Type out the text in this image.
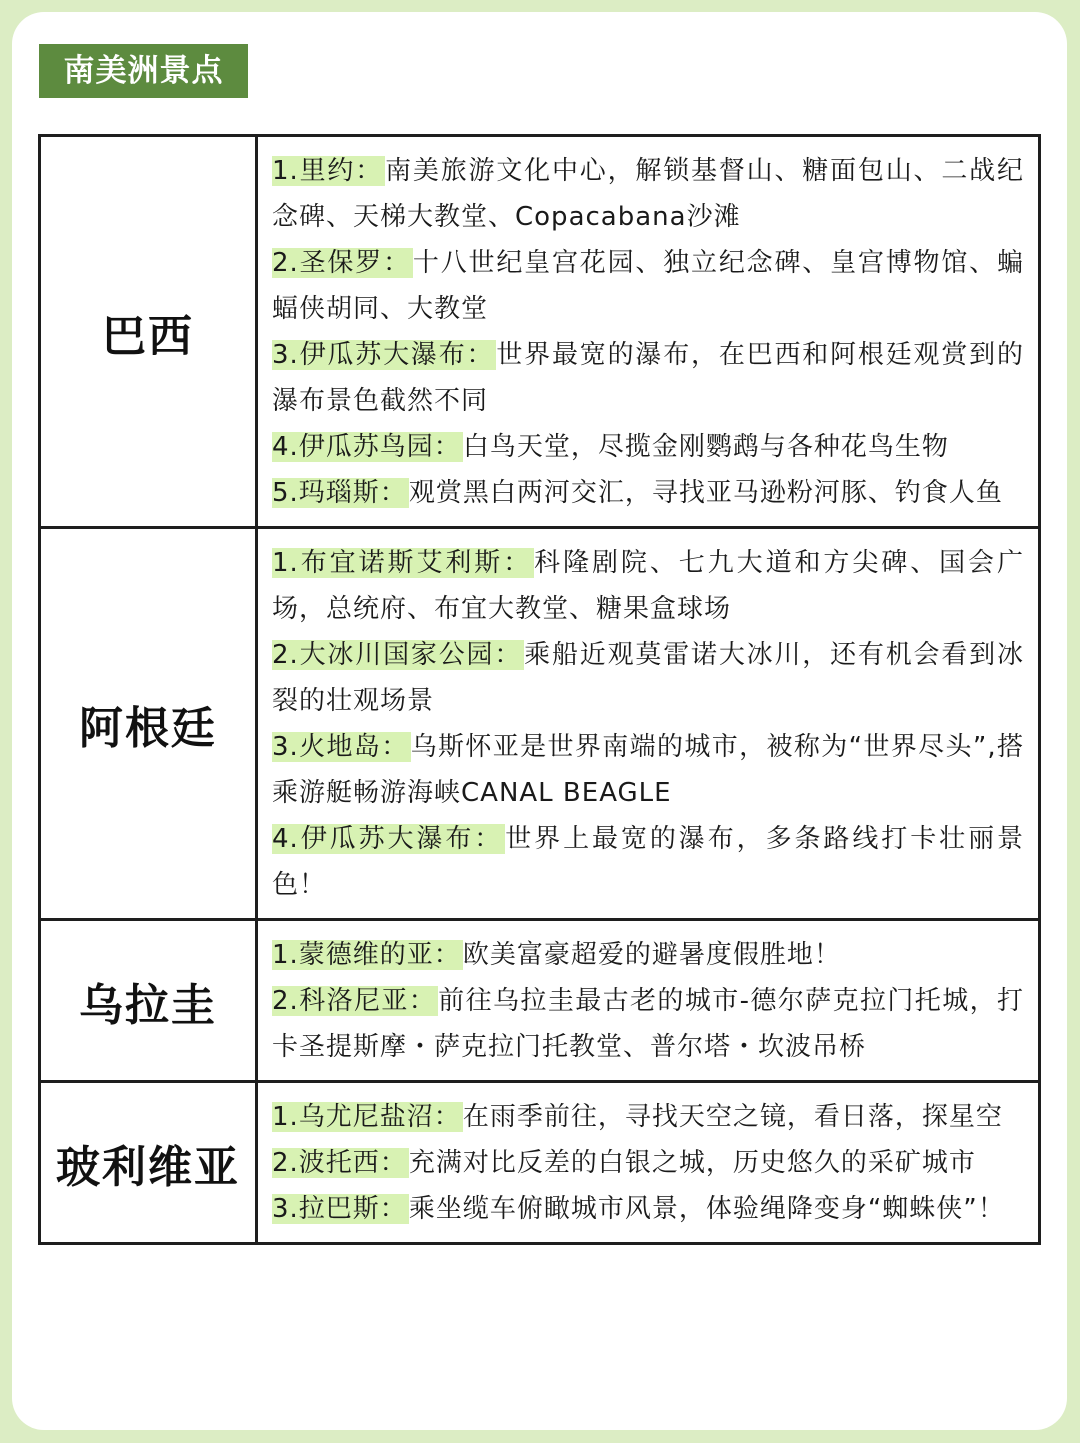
南美洲景点
巴西	1.里约：南美旅游文化中心，解锁基督山、糖面包山、二战纪念碑、天梯大教堂、Copacabana沙滩

2.圣保罗：十八世纪皇宫花园、独立纪念碑、皇宫博物馆、蝙蝠侠胡同、大教堂

3.伊瓜苏大瀑布：世界最宽的瀑布，在巴西和阿根廷观赏到的瀑布景色截然不同

4.伊瓜苏鸟园：白鸟天堂，尽揽金刚鹦鹉与各种花鸟生物

5.玛瑙斯：观赏黑白两河交汇，寻找亚马逊粉河豚、钓食人鱼

阿根廷	1.布宜诺斯艾利斯：科隆剧院、七九大道和方尖碑、国会广场，总统府、布宜大教堂、糖果盒球场

2.大冰川国家公园：乘船近观莫雷诺大冰川，还有机会看到冰裂的壮观场景

3.火地岛：乌斯怀亚是世界南端的城市，被称为“世界尽头”,搭乘游艇畅游海峡CANAL BEAGLE

4.伊瓜苏大瀑布：世界上最宽的瀑布，多条路线打卡壮丽景色！

乌拉圭	1.蒙德维的亚：欧美富豪超爱的避暑度假胜地！

2.科洛尼亚：前往乌拉圭最古老的城市-德尔萨克拉门托城，打卡圣提斯摩・萨克拉门托教堂、普尔塔・坎波吊桥

玻利维亚	1.乌尤尼盐沼：在雨季前往，寻找天空之镜，看日落，探星空

2.波托西：充满对比反差的白银之城，历史悠久的采矿城市

3.拉巴斯：乘坐缆车俯瞰城市风景，体验绳降变身“蜘蛛侠”！
